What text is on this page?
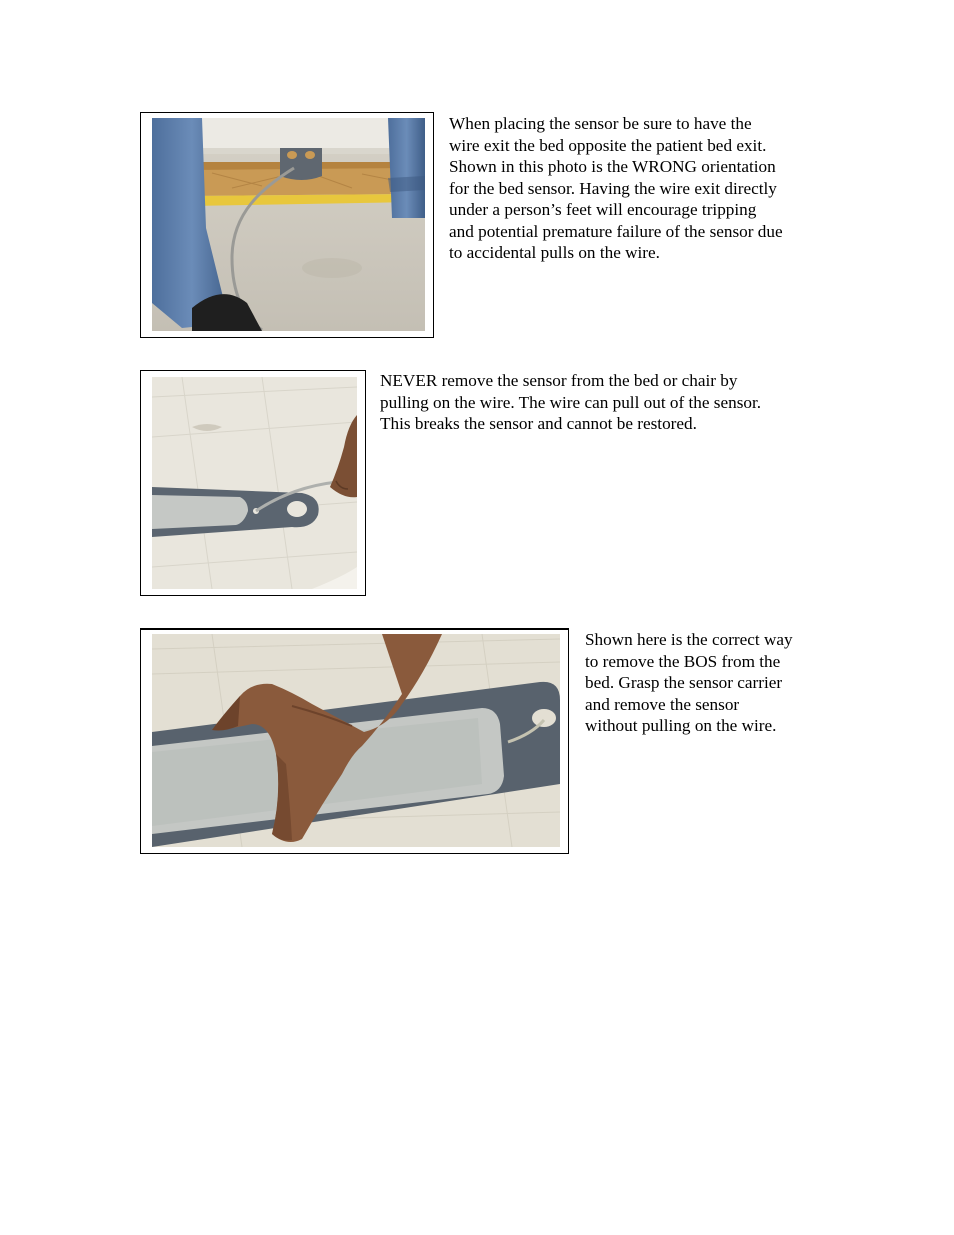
When placing the sensor be sure to have the
wire exit the bed opposite the patient bed exit.
Shown in this photo is the WRONG orientation
for the bed sensor. Having the wire exit directly
under a person’s feet will encourage tripping
and potential premature failure of the sensor due
to accidental pulls on the wire.

NEVER remove the sensor from the bed or chair by
pulling on the wire. The wire can pull out of the sensor.
This breaks the sensor and cannot be restored.

Shown here is the correct way
to remove the BOS from the
bed. Grasp the sensor carrier
and remove the sensor
without pulling on the wire.
